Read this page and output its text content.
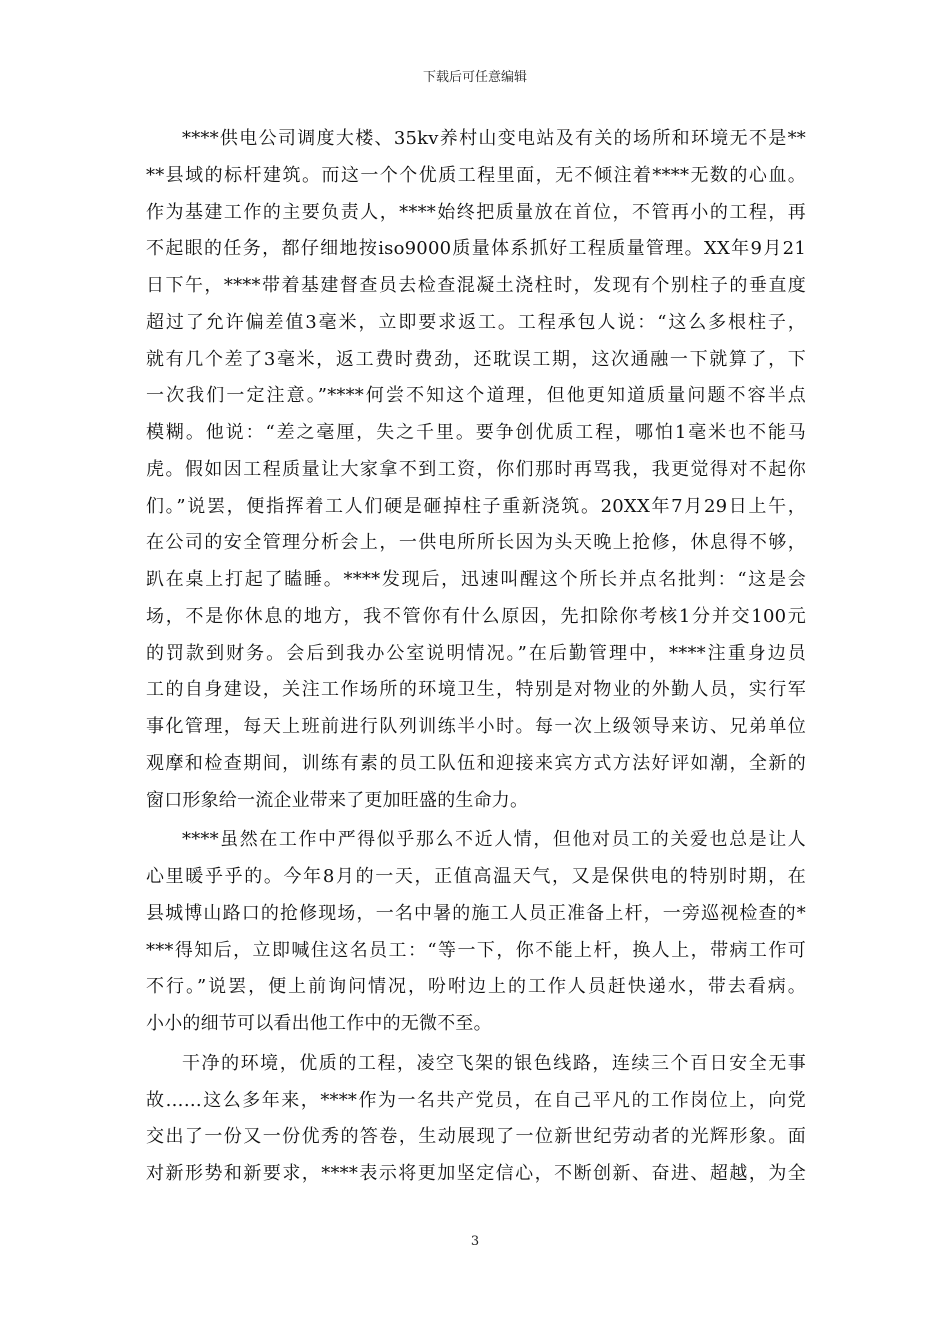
下载后可任意编辑
****供电公司调度大楼、35kv养村山变电站及有关的场所和环境无不是**
**县域的标杆建筑。而这一个个优质工程里面，无不倾注着****无数的心血。
作为基建工作的主要负责人，****始终把质量放在首位，不管再小的工程，再
不起眼的任务，都仔细地按iso9000质量体系抓好工程质量管理。XX年9月21
日下午，****带着基建督查员去检查混凝土浇柱时，发现有个别柱子的垂直度
超过了允许偏差值3毫米，立即要求返工。工程承包人说：“这么多根柱子，
就有几个差了3毫米，返工费时费劲，还耽误工期，这次通融一下就算了，下
一次我们一定注意。”****何尝不知这个道理，但他更知道质量问题不容半点
模糊。他说：“差之毫厘，失之千里。要争创优质工程，哪怕1毫米也不能马
虎。假如因工程质量让大家拿不到工资，你们那时再骂我，我更觉得对不起你
们。”说罢，便指挥着工人们硬是砸掉柱子重新浇筑。20XX年7月29日上午，
在公司的安全管理分析会上，一供电所所长因为头天晚上抢修，休息得不够，
趴在桌上打起了瞌睡。****发现后，迅速叫醒这个所长并点名批判：“这是会
场，不是你休息的地方，我不管你有什么原因，先扣除你考核1分并交100元
的罚款到财务。会后到我办公室说明情况。”在后勤管理中，****注重身边员
工的自身建设，关注工作场所的环境卫生，特别是对物业的外勤人员，实行军
事化管理，每天上班前进行队列训练半小时。每一次上级领导来访、兄弟单位
观摩和检查期间，训练有素的员工队伍和迎接来宾方式方法好评如潮，全新的
窗口形象给一流企业带来了更加旺盛的生命力。
****虽然在工作中严得似乎那么不近人情，但他对员工的关爱也总是让人
心里暖乎乎的。今年8月的一天，正值高温天气，又是保供电的特别时期，在
县城博山路口的抢修现场，一名中暑的施工人员正准备上杆，一旁巡视检查的*
***得知后，立即喊住这名员工：“等一下，你不能上杆，换人上，带病工作可
不行。”说罢，便上前询问情况，吩咐边上的工作人员赶快递水，带去看病。
小小的细节可以看出他工作中的无微不至。
干净的环境，优质的工程，凌空飞架的银色线路，连续三个百日安全无事
故……这么多年来，****作为一名共产党员，在自己平凡的工作岗位上，向党
交出了一份又一份优秀的答卷，生动展现了一位新世纪劳动者的光辉形象。面
对新形势和新要求，****表示将更加坚定信心，不断创新、奋进、超越，为全
3
